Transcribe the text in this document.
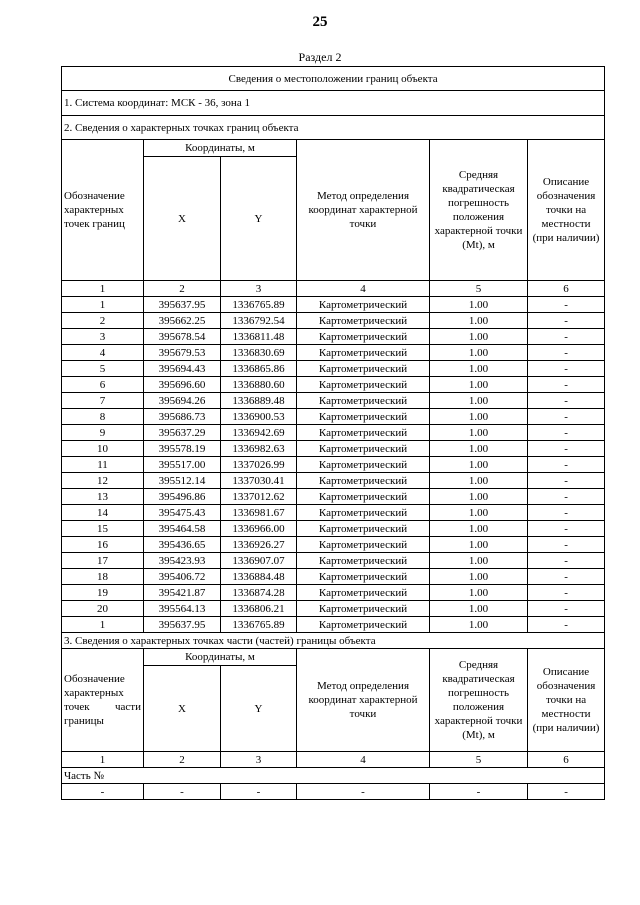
25
Раздел 2
Сведения о местоположении границ объекта					
1. Система координат: МСК - 36, зона 1					
2. Сведения о характерных точках границ объекта					
Обозначение характерных точек границ	Координаты, м		Метод определения координат характерной точки	Средняя квадратическая погрешность положения характерной точки (Mt), м	Описание обозначения точки на местности (при наличии)
	X	Y			
1	2	3	4	5	6
1	395637.95	1336765.89	Картометрический	1.00	-
2	395662.25	1336792.54	Картометрический	1.00	-
3	395678.54	1336811.48	Картометрический	1.00	-
4	395679.53	1336830.69	Картометрический	1.00	-
5	395694.43	1336865.86	Картометрический	1.00	-
6	395696.60	1336880.60	Картометрический	1.00	-
7	395694.26	1336889.48	Картометрический	1.00	-
8	395686.73	1336900.53	Картометрический	1.00	-
9	395637.29	1336942.69	Картометрический	1.00	-
10	395578.19	1336982.63	Картометрический	1.00	-
11	395517.00	1337026.99	Картометрический	1.00	-
12	395512.14	1337030.41	Картометрический	1.00	-
13	395496.86	1337012.62	Картометрический	1.00	-
14	395475.43	1336981.67	Картометрический	1.00	-
15	395464.58	1336966.00	Картометрический	1.00	-
16	395436.65	1336926.27	Картометрический	1.00	-
17	395423.93	1336907.07	Картометрический	1.00	-
18	395406.72	1336884.48	Картометрический	1.00	-
19	395421.87	1336874.28	Картометрический	1.00	-
20	395564.13	1336806.21	Картометрический	1.00	-
1	395637.95	1336765.89	Картометрический	1.00	-
3. Сведения о характерных точках части (частей) границы объекта					
Обозначение характерных точек части границы	Координаты, м		Метод определения координат характерной точки	Средняя квадратическая погрешность положения характерной точки (Mt), м	Описание обозначения точки на местности (при наличии)
	X	Y			
1	2	3	4	5	6
Часть №					
-	-	-	-	-	-
